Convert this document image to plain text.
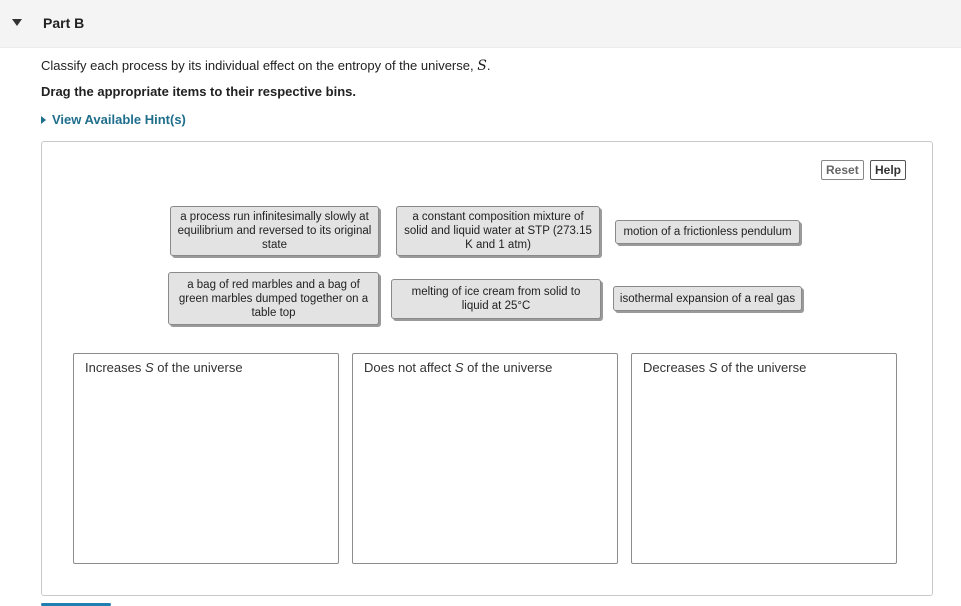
Part B
Classify each process by its individual effect on the entropy of the universe, S.
Drag the appropriate items to their respective bins.
View Available Hint(s)
Reset	Help
a process run infinitesimally slowly at equilibrium and reversed to its original state
a constant composition mixture of solid and liquid water at STP (273.15 K and 1 atm)
motion of a frictionless pendulum
a bag of red marbles and a bag of green marbles dumped together on a table top
melting of ice cream from solid to liquid at 25°C
isothermal expansion of a real gas
Increases S of the universe	Does not affect S of the universe	Decreases S of the universe
